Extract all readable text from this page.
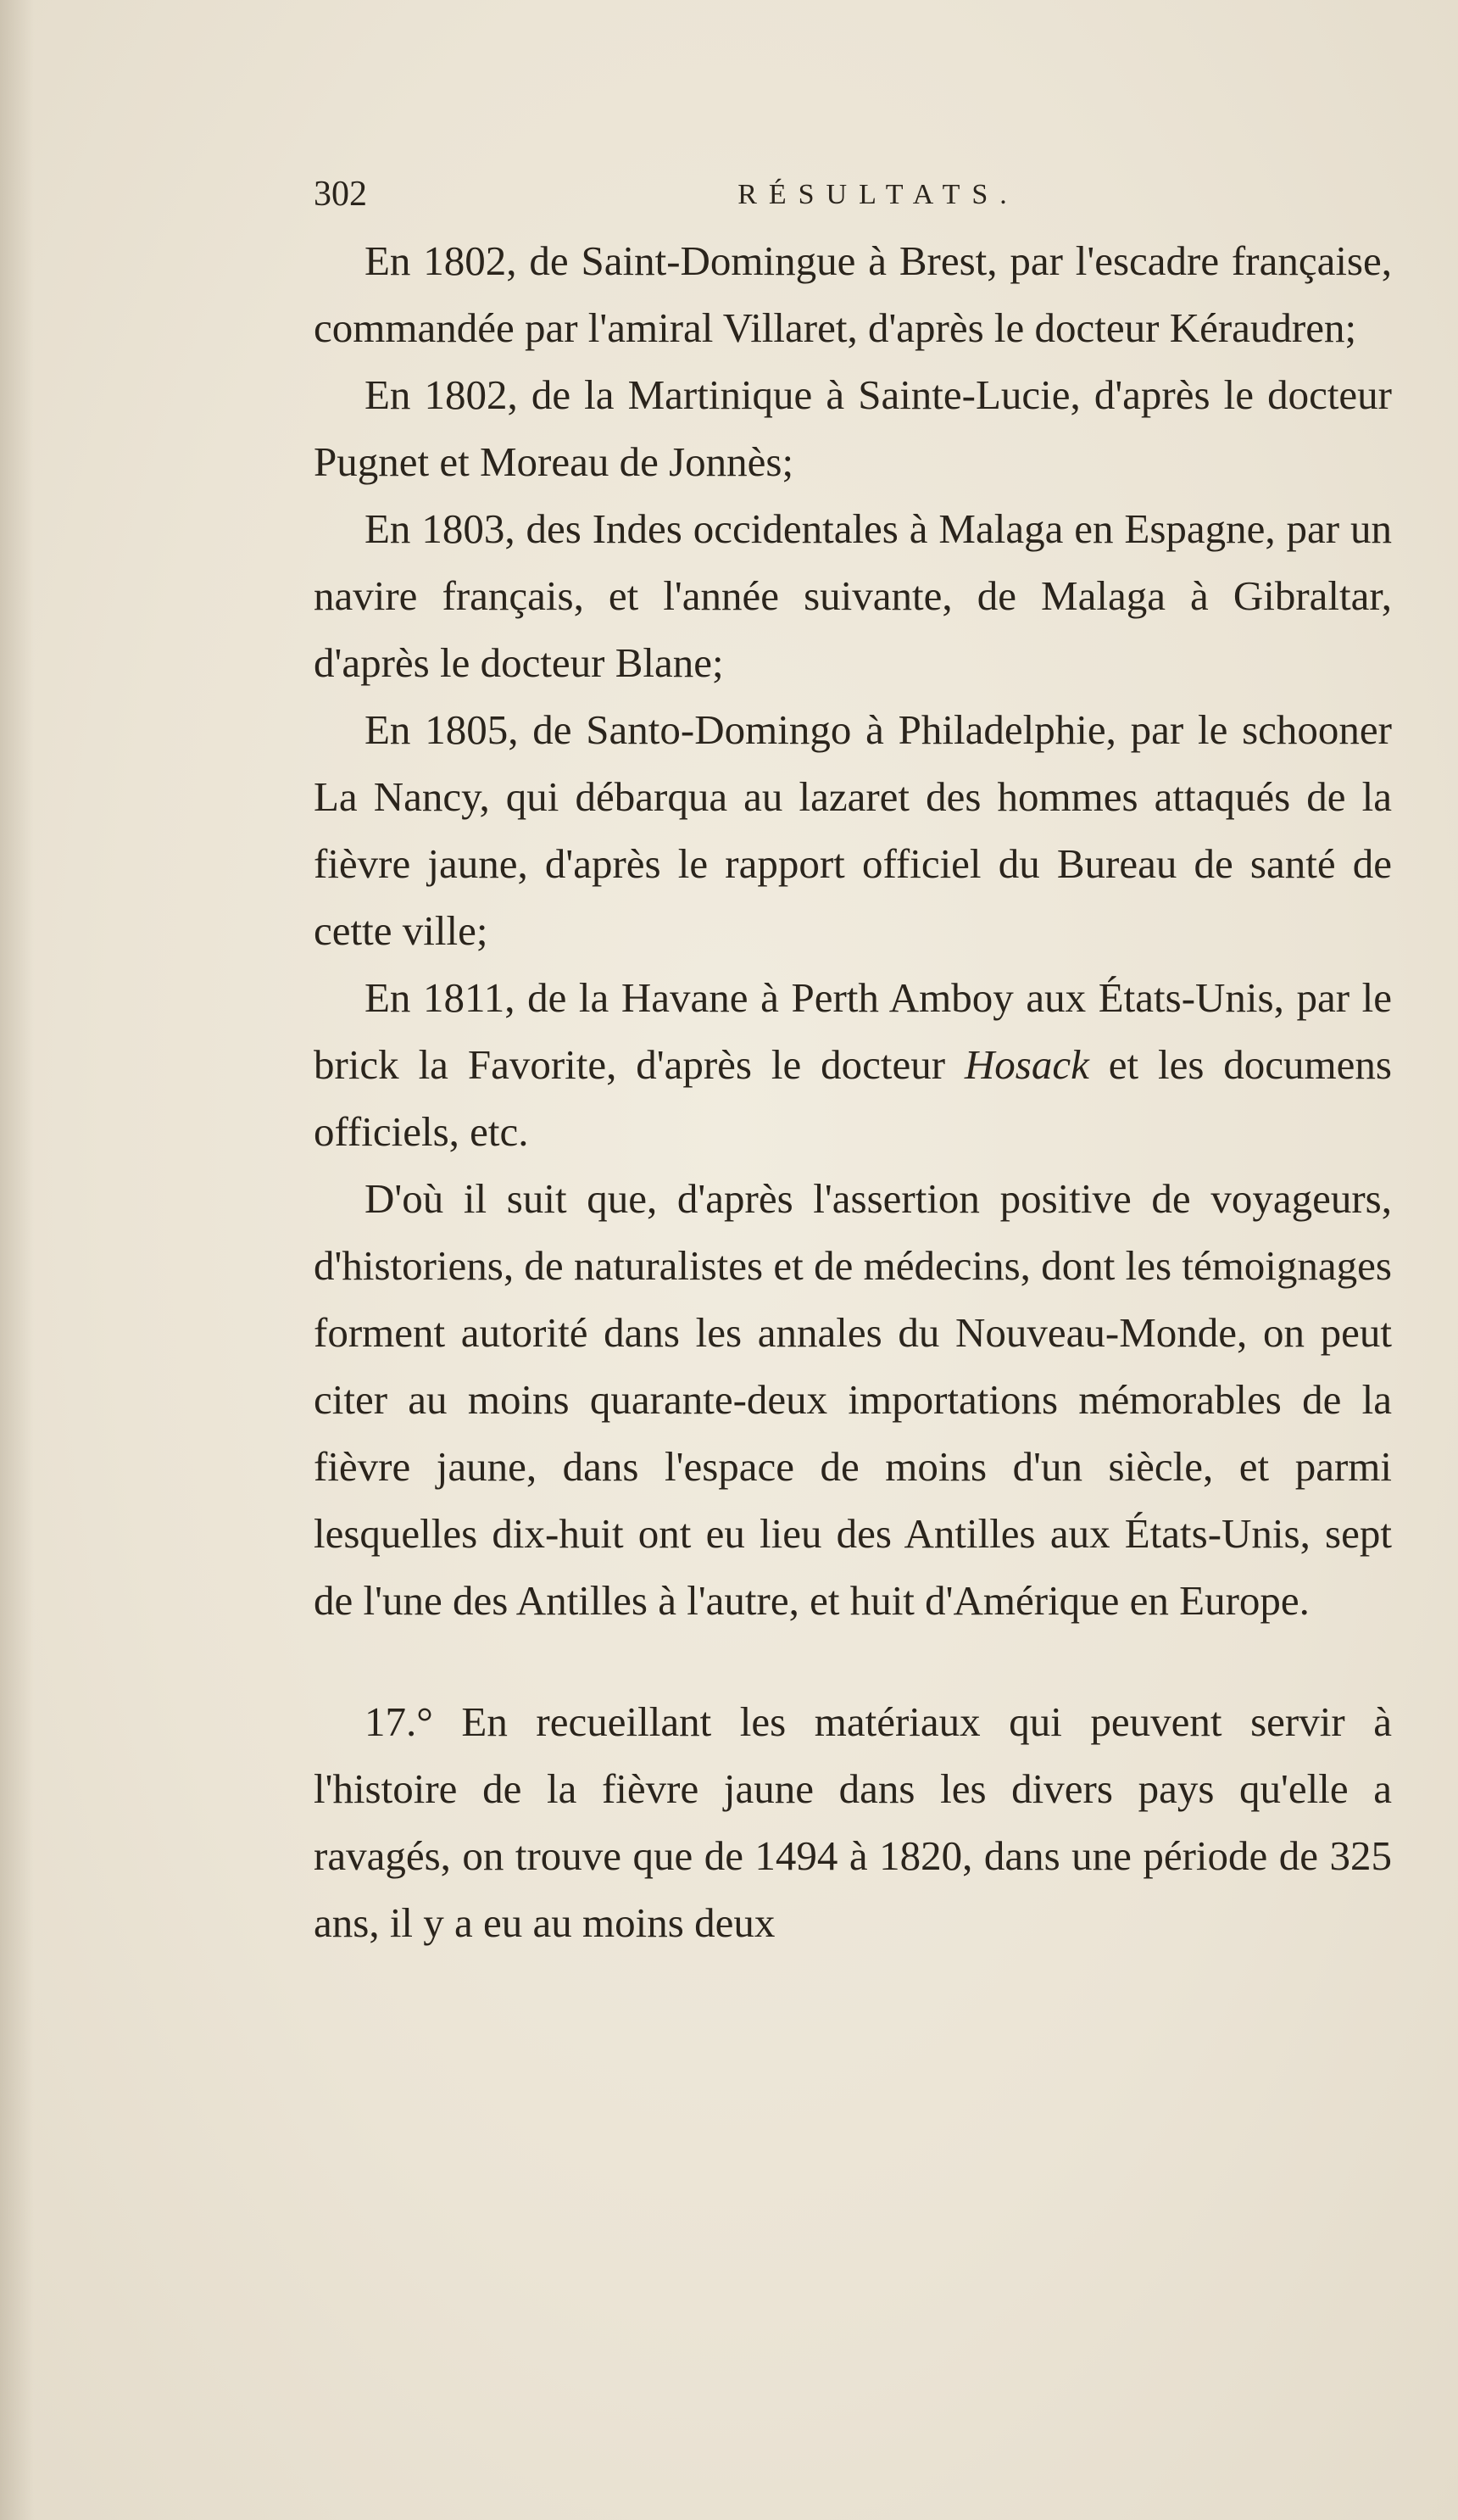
302	RÉSULTATS.

En 1802, de Saint-Domingue à Brest, par l'escadre française, commandée par l'amiral Villaret, d'après le docteur Kéraudren;

En 1802, de la Martinique à Sainte-Lucie, d'après le docteur Pugnet et Moreau de Jonnès;

En 1803, des Indes occidentales à Malaga en Espagne, par un navire français, et l'année suivante, de Malaga à Gibraltar, d'après le docteur Blane;

En 1805, de Santo-Domingo à Philadelphie, par le schooner La Nancy, qui débarqua au lazaret des hommes attaqués de la fièvre jaune, d'après le rapport officiel du Bureau de santé de cette ville;

En 1811, de la Havane à Perth Amboy aux États-Unis, par le brick la Favorite, d'après le docteur Hosack et les documens officiels, etc.

D'où il suit que, d'après l'assertion positive de voyageurs, d'historiens, de naturalistes et de médecins, dont les témoignages forment autorité dans les annales du Nouveau-Monde, on peut citer au moins quarante-deux importations mémorables de la fièvre jaune, dans l'espace de moins d'un siècle, et parmi lesquelles dix-huit ont eu lieu des Antilles aux États-Unis, sept de l'une des Antilles à l'autre, et huit d'Amérique en Europe.

17.° En recueillant les matériaux qui peuvent servir à l'histoire de la fièvre jaune dans les divers pays qu'elle a ravagés, on trouve que de 1494 à 1820, dans une période de 325 ans, il y a eu au moins deux
